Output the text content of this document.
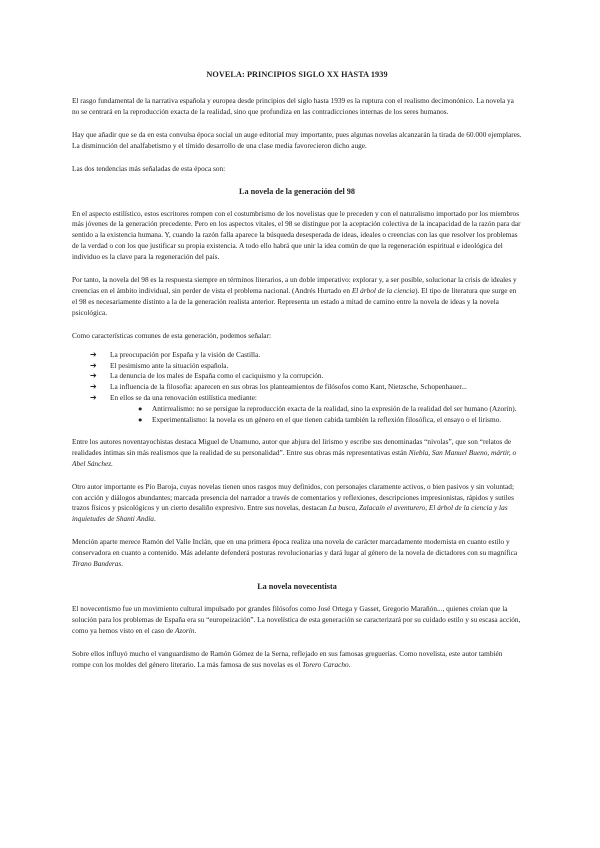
NOVELA: PRINCIPIOS SIGLO XX HASTA 1939

El rasgo fundamental de la narrativa española y europea desde principios del siglo hasta 1939 es la ruptura con el realismo decimonónico. La novela ya no se centrará en la reproducción exacta de la realidad, sino que profundiza en las contradicciones internas de los seres humanos.

Hay que añadir que se da en esta convulsa época social un auge editorial muy importante, pues algunas novelas alcanzarán la tirada de 60.000 ejemplares. La disminución del analfabetismo y el tímido desarrollo de una clase media favorecieron dicho auge.

Las dos tendencias más señaladas de esta época son:

La novela de la generación del 98

En el aspecto estilístico, estos escritores rompen con el costumbrismo de los novelistas que le preceden y con el naturalismo importado por los miembros más jóvenes de la generación precedente. Pero en los aspectos vitales, el 98 se distingue por la aceptación colectiva de la incapacidad de la razón para dar sentido a la existencia humana. Y, cuando la razón falla aparece la búsqueda desesperada de ideas, ideales o creencias con las que resolver los problemas de la verdad o con los que justificar su propia existencia. A todo ello habrá que unir la idea común de que la regeneración espiritual e ideológica del individuo es la clave para la regeneración del país.

Por tanto, la novela del 98 es la respuesta siempre en términos literarios, a un doble imperativo: explorar y, a ser posible, solucionar la crisis de ideales y creencias en el ámbito individual, sin perder de vista el problema nacional. (Andrés Hurtado en El árbol de la ciencia). El tipo de literatura que surge en el 98 es necesariamente distinto a la de la generación realista anterior. Representa un estado a mitad de camino entre la novela de ideas y la novela psicológica.

Como características comunes de esta generación, podemos señalar:

➔ La preocupación por España y la visión de Castilla.
➔ El pesimismo ante la situación española.
➔ La denuncia de los males de España como el caciquismo y la corrupción.
➔ La influencia de la filosofía: aparecen en sus obras los planteamientos de filósofos como Kant, Nietzsche, Schopenhauer...
➔ En ellos se da una renovación estilística mediante:
● Antirrealismo: no se persigue la reproducción exacta de la realidad, sino la expresión de la realidad del ser humano (Azorín).
● Experimentalismo: la novela es un género en el que tienen cabida también la reflexión filosófica, el ensayo o el lirismo.

Entre los autores noventayochistas destaca Miguel de Unamuno, autor que abjura del lirismo y escribe sus denominadas “nivolas”, que son “relatos de realidades íntimas sin más realismos que la realidad de su personalidad”. Entre sus obras más representativas están Niebla, San Manuel Bueno, mártir, o Abel Sánchez.

Otro autor importante es Pío Baroja, cuyas novelas tienen unos rasgos muy definidos, con personajes claramente activos, o bien pasivos y sin voluntad; con acción y diálogos abundantes; marcada presencia del narrador a través de comentarios y reflexiones, descripciones impresionistas, rápidos y sutiles trazos físicos y psicológicos y un cierto desaliño expresivo. Entre sus novelas, destacan La busca, Zalacaín el aventurero, El árbol de la ciencia y las inquietudes de Shanti Andía.

Mención aparte merece Ramón del Valle Inclán, que en una primera época realiza una novela de carácter marcadamente modernista en cuanto estilo y conservadora en cuanto a contenido. Más adelante defenderá posturas revolucionarias y dará lugar al género de la novela de dictadores con su magnífica Tirano Banderas.

La novela novecentista

El novecentismo fue un movimiento cultural impulsado por grandes filósofos como José Ortega y Gasset, Gregorio Marañón..., quienes creían que la solución para los problemas de España era su “europeización”. La novelística de esta generación se caracterizará por su cuidado estilo y su escasa acción, como ya hemos visto en el caso de Azorín.

Sobre ellos influyó mucho el vanguardismo de Ramón Gómez de la Serna, reflejado en sus famosas greguerías. Como novelista, este autor también rompe con los moldes del género literario. La más famosa de sus novelas es el Torero Caracho.
